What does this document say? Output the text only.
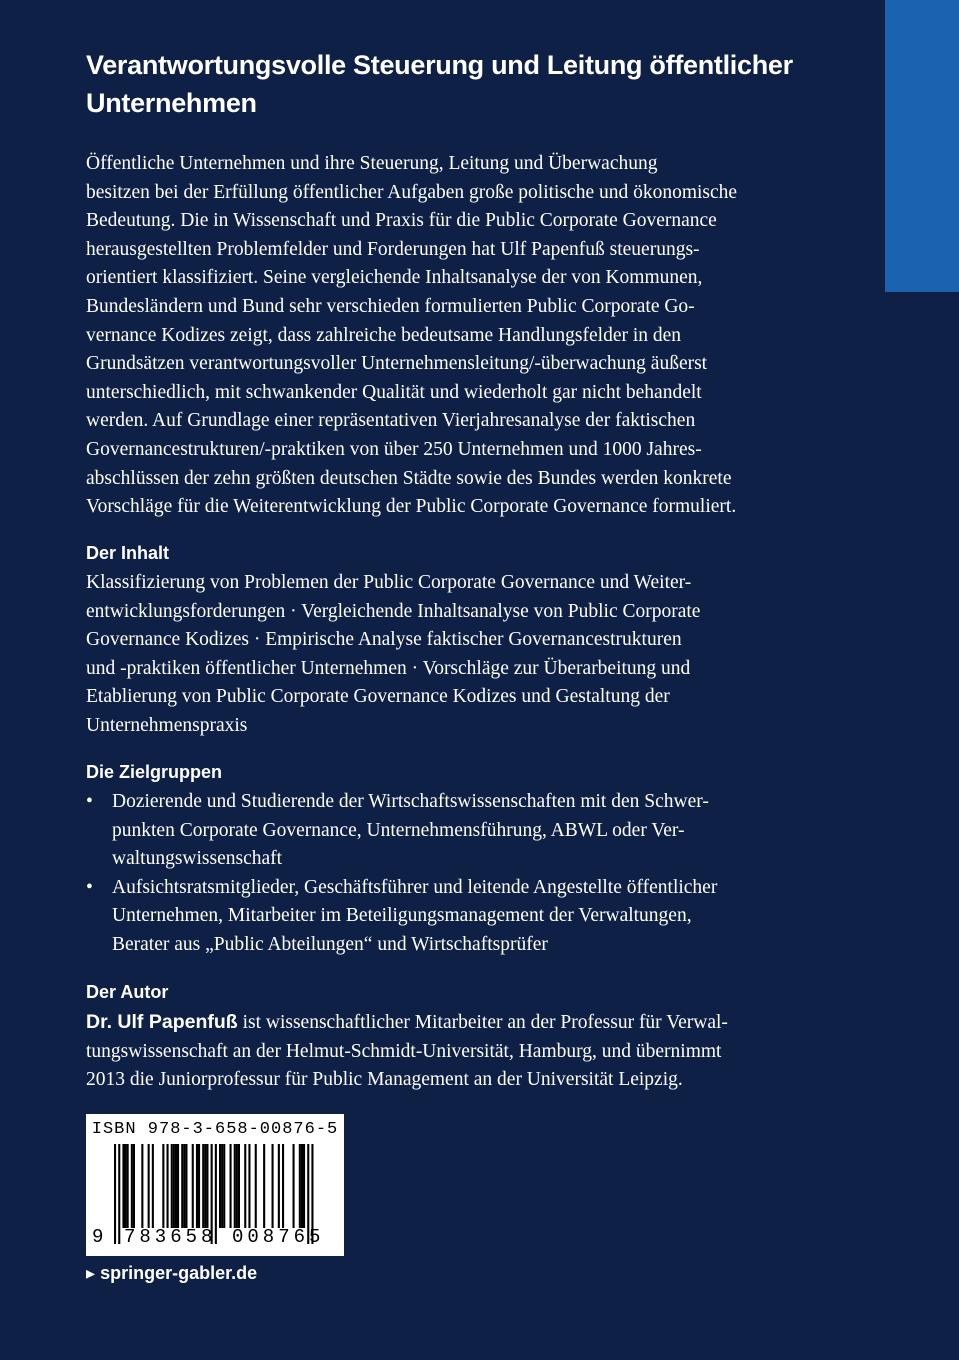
Verantwortungsvolle Steuerung und Leitung öffentlicher
Unternehmen
Öffentliche Unternehmen und ihre Steuerung, Leitung und Überwachung
besitzen bei der Erfüllung öffentlicher Aufgaben große politische und ökonomische
Bedeutung. Die in Wissenschaft und Praxis für die Public Corporate Governance
herausgestellten Problemfelder und Forderungen hat Ulf Papenfuß steuerungs-
orientiert klassifiziert. Seine vergleichende Inhaltsanalyse der von Kommunen,
Bundesländern und Bund sehr verschieden formulierten Public Corporate Go-
vernance Kodizes zeigt, dass zahlreiche bedeutsame Handlungsfelder in den
Grundsätzen verantwortungsvoller Unternehmensleitung/-überwachung äußerst
unterschiedlich, mit schwankender Qualität und wiederholt gar nicht behandelt
werden. Auf Grundlage einer repräsentativen Vierjahresanalyse der faktischen
Governancestrukturen/-praktiken von über 250 Unternehmen und 1000 Jahres-
abschlüssen der zehn größten deutschen Städte sowie des Bundes werden konkrete
Vorschläge für die Weiterentwicklung der Public Corporate Governance formuliert.
Der Inhalt
Klassifizierung von Problemen der Public Corporate Governance und Weiter-
entwicklungsforderungen · Vergleichende Inhaltsanalyse von Public Corporate
Governance Kodizes · Empirische Analyse faktischer Governancestrukturen
und -praktiken öffentlicher Unternehmen · Vorschläge zur Überarbeitung und
Etablierung von Public Corporate Governance Kodizes und Gestaltung der
Unternehmenspraxis
Die Zielgruppen
• Dozierende und Studierende der Wirtschaftswissenschaften mit den Schwer-
punkten Corporate Governance, Unternehmensführung, ABWL oder Ver-
waltungswissenschaft
• Aufsichtsratsmitglieder, Geschäftsführer und leitende Angestellte öffentlicher
Unternehmen, Mitarbeiter im Beteiligungsmanagement der Verwaltungen,
Berater aus „Public Abteilungen“ und Wirtschaftsprüfer
Der Autor
Dr. Ulf Papenfuß ist wissenschaftlicher Mitarbeiter an der Professur für Verwal-
tungswissenschaft an der Helmut-Schmidt-Universität, Hamburg, und übernimmt
2013 die Juniorprofessur für Public Management an der Universität Leipzig.
ISBN 978-3-658-00876-5
9 783658 008765
▸ springer-gabler.de
